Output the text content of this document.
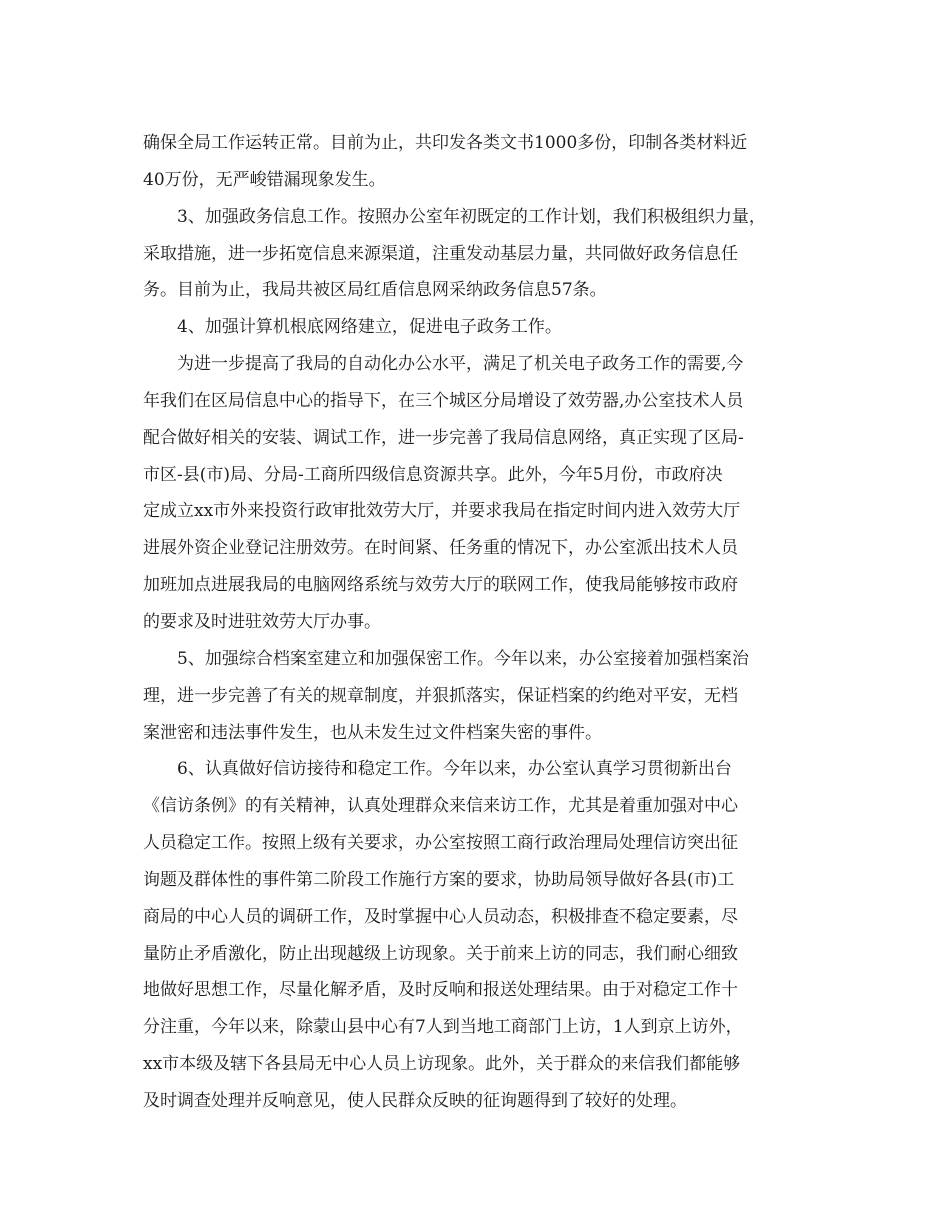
确保全局工作运转正常。目前为止，共印发各类文书1000多份，印制各类材料近

40万份，无严峻错漏现象发生。

3、加强政务信息工作。按照办公室年初既定的工作计划，我们积极组织力量，

采取措施，进一步拓宽信息来源渠道，注重发动基层力量，共同做好政务信息任

务。目前为止，我局共被区局红盾信息网采纳政务信息57条。

4、加强计算机根底网络建立，促进电子政务工作。

为进一步提高了我局的自动化办公水平，满足了机关电子政务工作的需要,今

年我们在区局信息中心的指导下，在三个城区分局增设了效劳器,办公室技术人员

配合做好相关的安装、调试工作，进一步完善了我局信息网络，真正实现了区局-

市区-县(市)局、分局-工商所四级信息资源共享。此外，今年5月份，市政府决

定成立xx市外来投资行政审批效劳大厅，并要求我局在指定时间内进入效劳大厅

进展外资企业登记注册效劳。在时间紧、任务重的情况下，办公室派出技术人员

加班加点进展我局的电脑网络系统与效劳大厅的联网工作，使我局能够按市政府

的要求及时进驻效劳大厅办事。

5、加强综合档案室建立和加强保密工作。今年以来，办公室接着加强档案治

理，进一步完善了有关的规章制度，并狠抓落实，保证档案的约绝对平安，无档

案泄密和违法事件发生，也从未发生过文件档案失密的事件。

6、认真做好信访接待和稳定工作。今年以来，办公室认真学习贯彻新出台

《信访条例》的有关精神，认真处理群众来信来访工作，尤其是着重加强对中心

人员稳定工作。按照上级有关要求，办公室按照工商行政治理局处理信访突出征

询题及群体性的事件第二阶段工作施行方案的要求，协助局领导做好各县(市)工

商局的中心人员的调研工作，及时掌握中心人员动态，积极排查不稳定要素，尽

量防止矛盾激化，防止出现越级上访现象。关于前来上访的同志，我们耐心细致

地做好思想工作，尽量化解矛盾，及时反响和报送处理结果。由于对稳定工作十

分注重，今年以来，除蒙山县中心有7人到当地工商部门上访，1人到京上访外，

xx市本级及辖下各县局无中心人员上访现象。此外，关于群众的来信我们都能够

及时调查处理并反响意见，使人民群众反映的征询题得到了较好的处理。
